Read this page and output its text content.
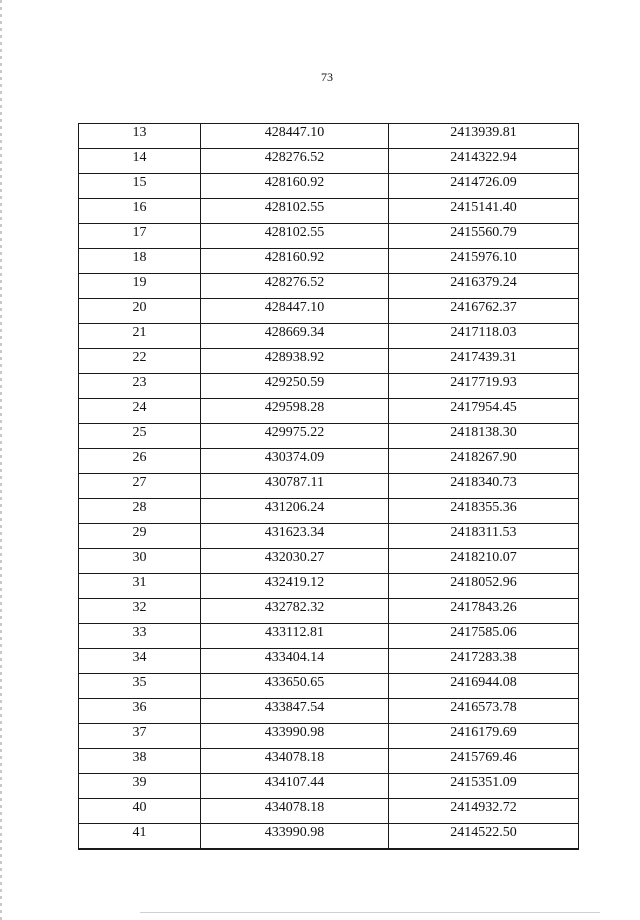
73
13	428447.10	2413939.81
14	428276.52	2414322.94
15	428160.92	2414726.09
16	428102.55	2415141.40
17	428102.55	2415560.79
18	428160.92	2415976.10
19	428276.52	2416379.24
20	428447.10	2416762.37
21	428669.34	2417118.03
22	428938.92	2417439.31
23	429250.59	2417719.93
24	429598.28	2417954.45
25	429975.22	2418138.30
26	430374.09	2418267.90
27	430787.11	2418340.73
28	431206.24	2418355.36
29	431623.34	2418311.53
30	432030.27	2418210.07
31	432419.12	2418052.96
32	432782.32	2417843.26
33	433112.81	2417585.06
34	433404.14	2417283.38
35	433650.65	2416944.08
36	433847.54	2416573.78
37	433990.98	2416179.69
38	434078.18	2415769.46
39	434107.44	2415351.09
40	434078.18	2414932.72
41	433990.98	2414522.50
